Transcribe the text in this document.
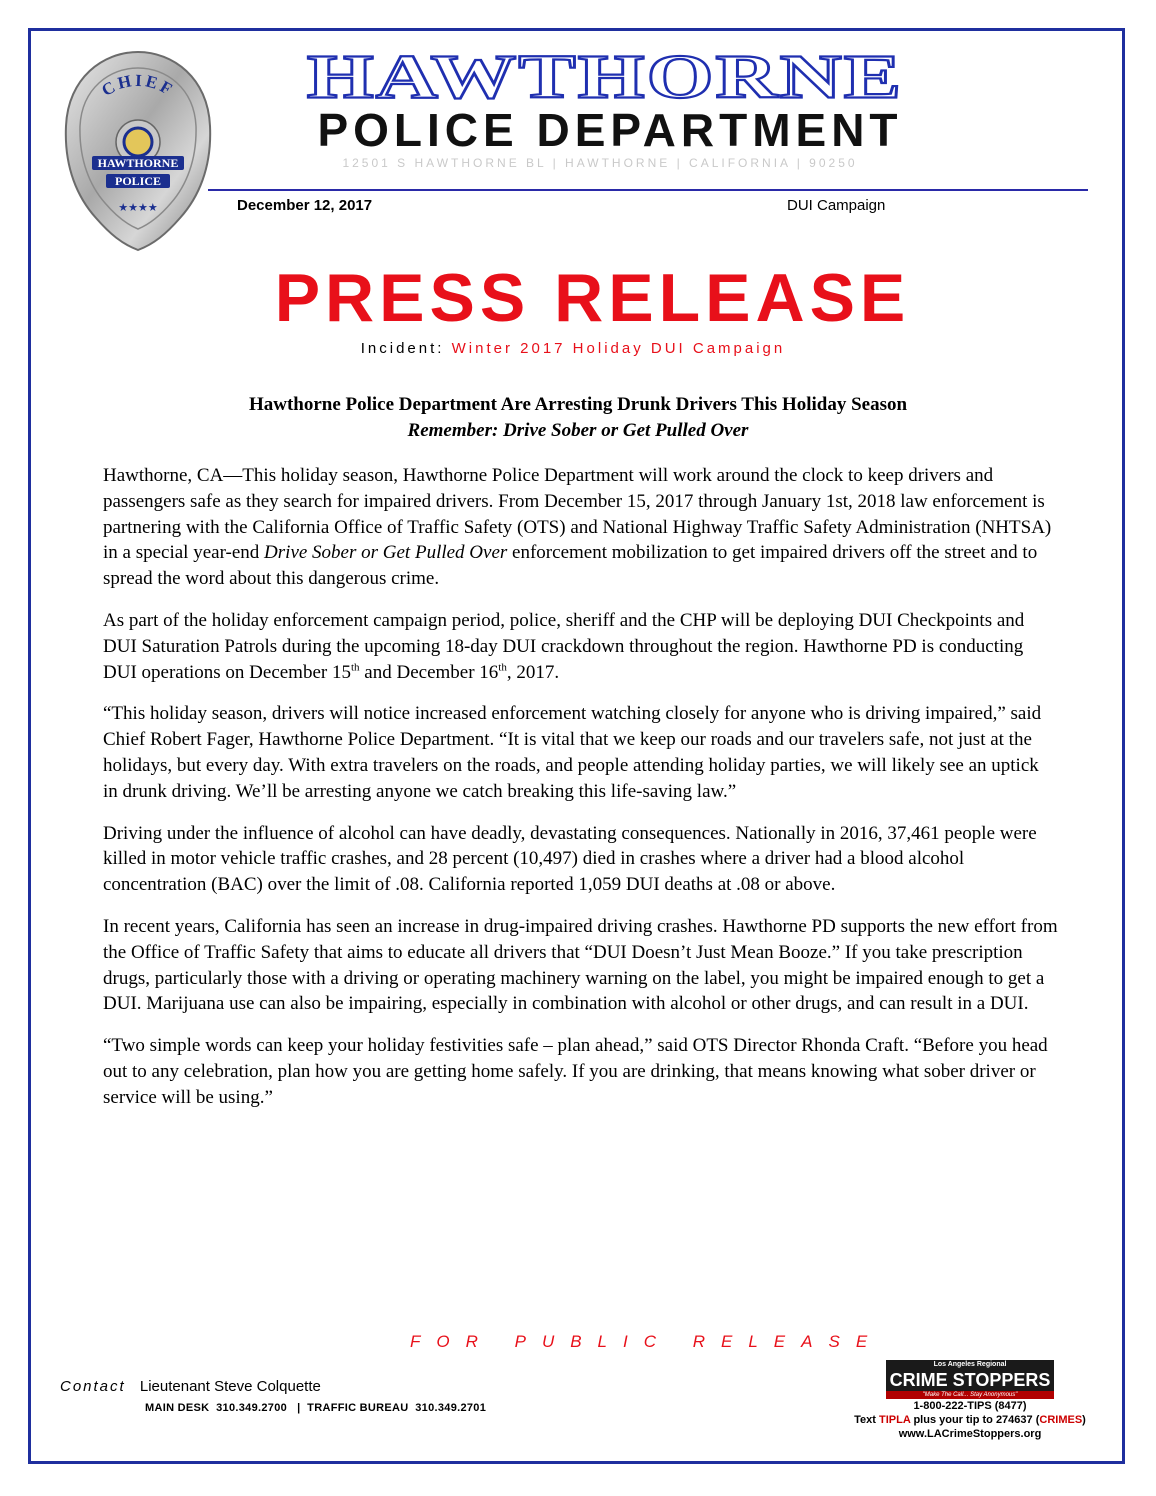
CHIEF
HAWTHORNE
POLICE
★★★★
HAWTHORNE
POLICE DEPARTMENT
12501 S HAWTHORNE BL | HAWTHORNE | CALIFORNIA | 90250
December 12, 2017	DUI Campaign
PRESS RELEASE
Incident: Winter 2017 Holiday DUI Campaign
Hawthorne Police Department Are Arresting Drunk Drivers This Holiday Season
Remember: Drive Sober or Get Pulled Over

Hawthorne, CA—This holiday season, Hawthorne Police Department will work around the clock to keep drivers and passengers safe as they search for impaired drivers. From December 15, 2017 through January 1st, 2018 law enforcement is partnering with the California Office of Traffic Safety (OTS) and National Highway Traffic Safety Administration (NHTSA) in a special year-end Drive Sober or Get Pulled Over enforcement mobilization to get impaired drivers off the street and to spread the word about this dangerous crime.

As part of the holiday enforcement campaign period, police, sheriff and the CHP will be deploying DUI Checkpoints and DUI Saturation Patrols during the upcoming 18-day DUI crackdown throughout the region. Hawthorne PD is conducting DUI operations on December 15th and December 16th, 2017.

“This holiday season, drivers will notice increased enforcement watching closely for anyone who is driving impaired,” said Chief Robert Fager, Hawthorne Police Department. “It is vital that we keep our roads and our travelers safe, not just at the holidays, but every day. With extra travelers on the roads, and people attending holiday parties, we will likely see an uptick in drunk driving. We’ll be arresting anyone we catch breaking this life-saving law.”

Driving under the influence of alcohol can have deadly, devastating consequences. Nationally in 2016, 37,461 people were killed in motor vehicle traffic crashes, and 28 percent (10,497) died in crashes where a driver had a blood alcohol concentration (BAC) over the limit of .08. California reported 1,059 DUI deaths at .08 or above.

In recent years, California has seen an increase in drug-impaired driving crashes. Hawthorne PD supports the new effort from the Office of Traffic Safety that aims to educate all drivers that “DUI Doesn’t Just Mean Booze.” If you take prescription drugs, particularly those with a driving or operating machinery warning on the label, you might be impaired enough to get a DUI. Marijuana use can also be impairing, especially in combination with alcohol or other drugs, and can result in a DUI.

“Two simple words can keep your holiday festivities safe – plan ahead,” said OTS Director Rhonda Craft. “Before you head out to any celebration, plan how you are getting home safely. If you are drinking, that means knowing what sober driver or service will be using.”

FOR PUBLIC RELEASE
Contact Lieutenant Steve Colquette
MAIN DESK  310.349.2700   |  TRAFFIC BUREAU  310.349.2701
Los Angeles Regional
CRIME STOPPERS
"Make The Call... Stay Anonymous"
1-800-222-TIPS (8477)
Text TIPLA plus your tip to 274637 (CRIMES)
www.LACrimeStoppers.org
